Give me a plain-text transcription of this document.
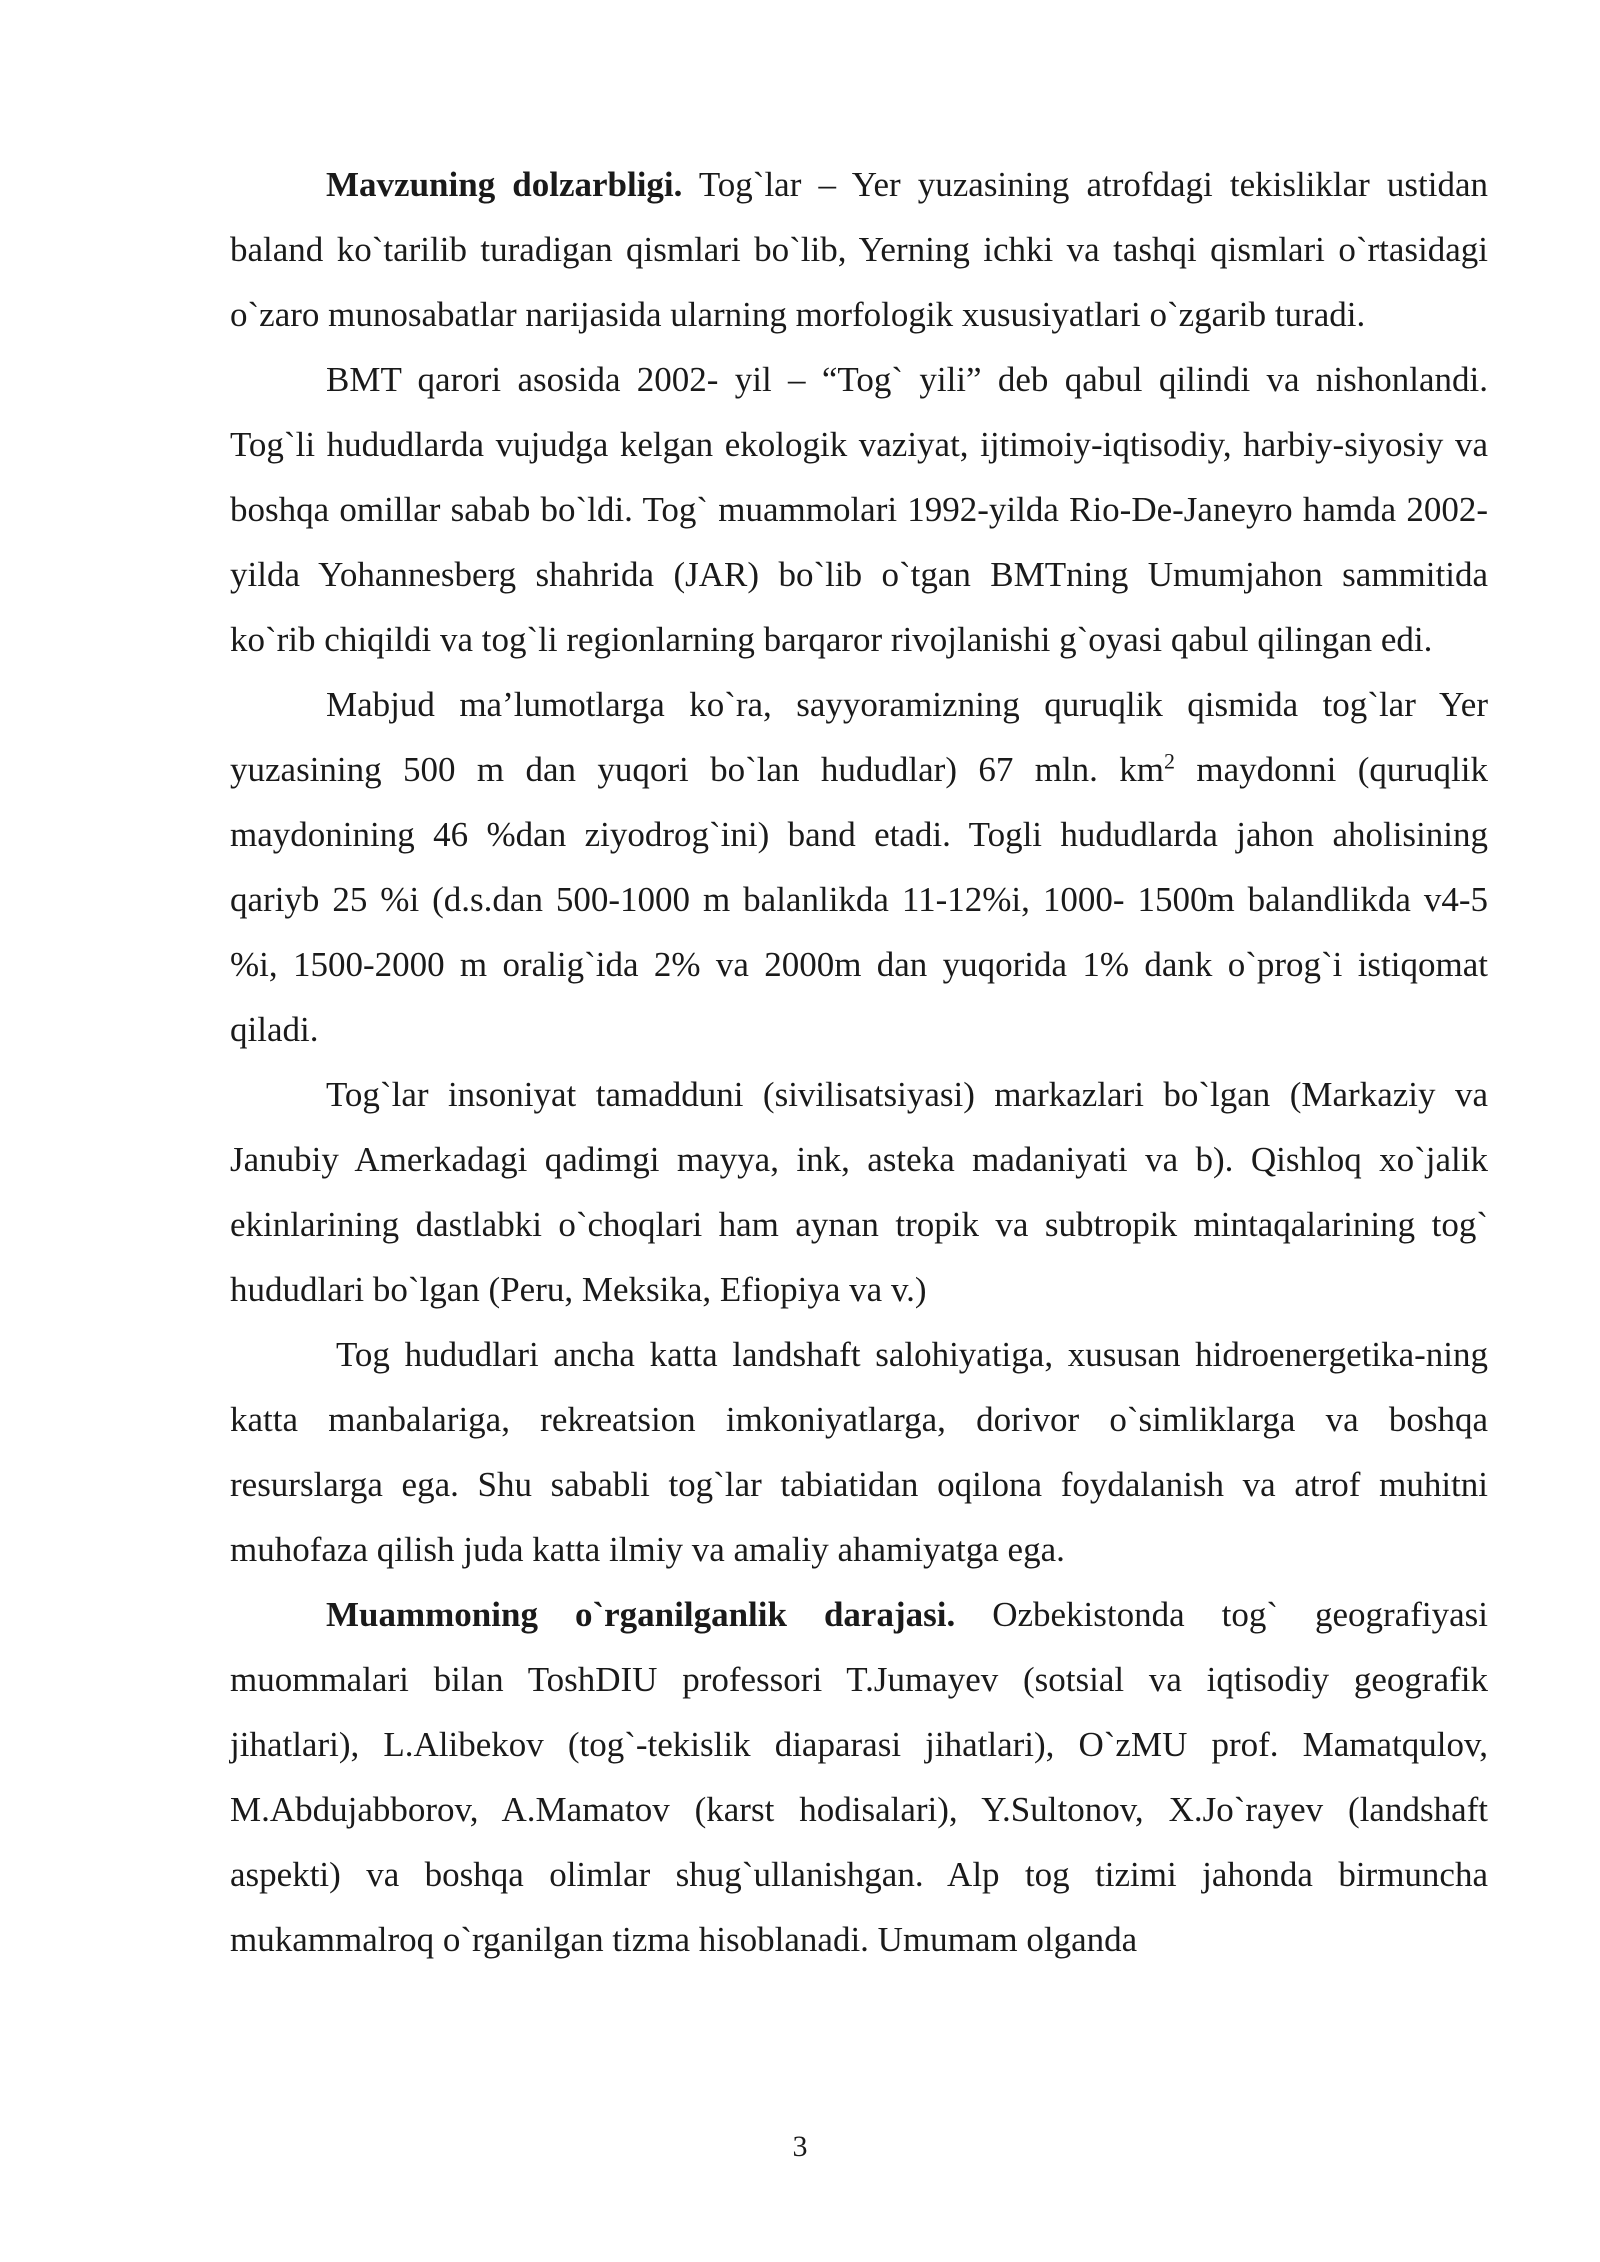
Mavzuning dolzarbligi. Tog`lar – Yer yuzasining atrofdagi tekisliklar ustidan baland ko`tarilib turadigan qismlari bo`lib, Yerning ichki va tashqi qismlari o`rtasidagi o`zaro munosabatlar narijasida ularning morfologik xususiyatlari o`zgarib turadi.

BMT qarori asosida 2002- yil – “Tog` yili” deb qabul qilindi va nishonlandi. Tog`li hududlarda vujudga kelgan ekologik vaziyat, ijtimoiy-iqtisodiy, harbiy-siyosiy va boshqa omillar sabab bo`ldi. Tog` muammolari 1992-yilda Rio-De-Janeyro hamda 2002-yilda Yohannesberg shahrida (JAR) bo`lib o`tgan BMTning Umumjahon sammitida ko`rib chiqildi va tog`li regionlarning barqaror rivojlanishi g`oyasi qabul qilingan edi.

Mabjud ma’lumotlarga ko`ra, sayyoramizning quruqlik qismida tog`lar Yer yuzasining 500 m dan yuqori bo`lan hududlar) 67 mln. $km^2$ maydonni (quruqlik maydonining 46 %dan ziyodrog`ini) band etadi. Togli hududlarda jahon aholisining qariyb 25 %i (d.s.dan 500-1000 m balanlikda 11-12%i, 1000- 1500m balandlikda v4-5 %i, 1500-2000 m oralig`ida 2% va 2000m dan yuqorida 1% dank o`prog`i istiqomat qiladi.

Tog`lar insoniyat tamadduni (sivilisatsiyasi) markazlari bo`lgan (Markaziy va Janubiy Amerkadagi qadimgi mayya, ink, asteka madaniyati va b). Qishloq xo`jalik ekinlarining dastlabki o`choqlari ham aynan tropik va subtropik mintaqalarining tog` hududlari bo`lgan (Peru, Meksika, Efiopiya va v.)

Tog hududlari ancha katta landshaft salohiyatiga, xususan hidroenergetika-ning katta manbalariga, rekreatsion imkoniyatlarga, dorivor o`simliklarga va boshqa resurslarga ega. Shu sababli tog`lar tabiatidan oqilona foydalanish va atrof muhitni muhofaza qilish juda katta ilmiy va amaliy ahamiyatga ega.

Muammoning o`rganilganlik darajasi. Ozbekistonda tog` geografiyasi muommalari bilan ToshDIU professori T.Jumayev (sotsial va iqtisodiy geografik jihatlari), L.Alibekov (tog`-tekislik diaparasi jihatlari), O`zMU prof. Mamatqulov, M.Abdujabborov, A.Mamatov (karst hodisalari), Y.Sultonov, X.Jo`rayev (landshaft aspekti) va boshqa olimlar shug`ullanishgan. Alp tog tizimi jahonda birmuncha mukammalroq o`rganilgan tizma hisoblanadi. Umumam olganda

3
